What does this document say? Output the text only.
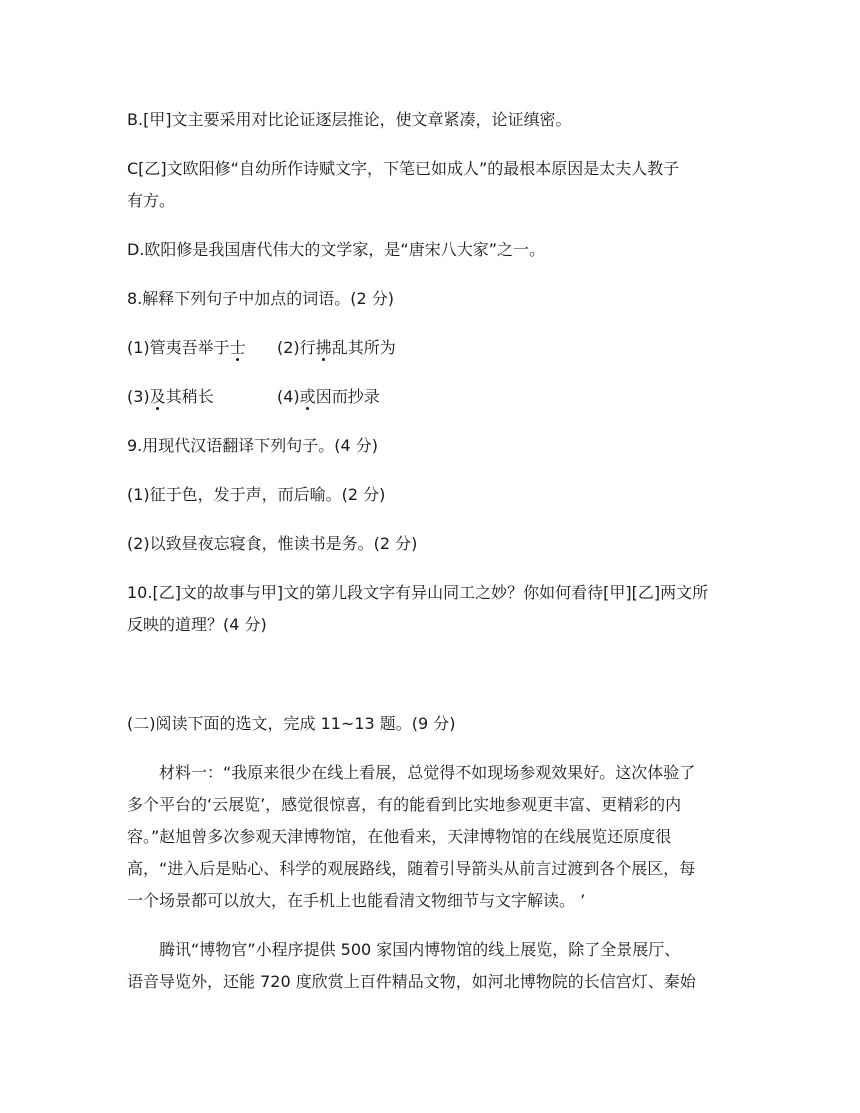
B.[甲]文主要采用对比论证逐层推论，使文章紧凑，论证缜密。

C[乙]文欧阳修“自幼所作诗赋文字，下笔已如成人”的最根本原因是太夫人教子

有方。

D.欧阳修是我国唐代伟大的文学家，是“唐宋八大家”之一。

8.解释下列句子中加点的词语。(2 分)

(1)管夷吾举于士 (2)行拂乱其所为

(3)及其稍长	(4)或因而抄录

9.用现代汉语翻译下列句子。(4 分)

(1)征于色，发于声，而后喻。(2 分)

(2)以致昼夜忘寝食，惟读书是务。(2 分)

10.[乙]文的故事与甲]文的第儿段文字有异山同工之妙？你如何看待[甲][乙]两文所

反映的道理？(4 分)

(二)阅读下面的选文，完成 11~13 题。(9 分)

材料一：“我原来很少在线上看展，总觉得不如现场参观效果好。这次体验了

多个平台的‘云展览’，感觉很惊喜，有的能看到比实地参观更丰富、更精彩的内

容。”赵旭曾多次参观天津博物馆，在他看来，天津博物馆的在线展览还原度很

高，“进入后是贴心、科学的观展路线，随着引导箭头从前言过渡到各个展区，每

一个场景都可以放大，在手机上也能看清文物细节与文字解读。 ’

腾讯“博物官”小程序提供 500 家国内博物馆的线上展览，除了全景展厅、

语音导览外，还能 720 度欣赏上百件精品文物，如河北博物院的长信宫灯、秦始
